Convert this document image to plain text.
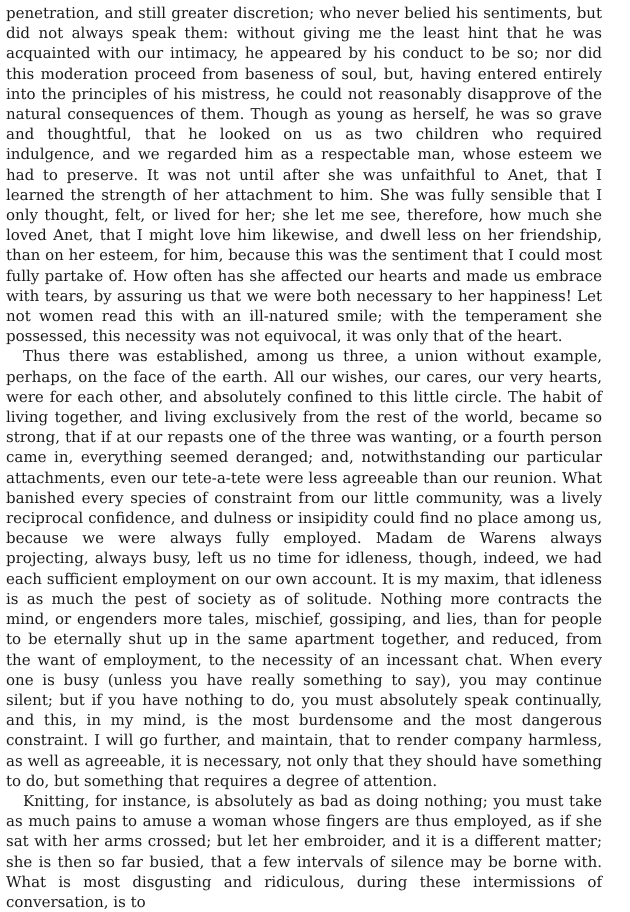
penetration, and still greater discretion; who never belied his sentiments, but did not always speak them: without giving me the least hint that he was acquainted with our intimacy, he appeared by his conduct to be so; nor did this moderation proceed from baseness of soul, but, having entered entirely into the principles of his mistress, he could not reasonably disapprove of the natural consequences of them. Though as young as herself, he was so grave and thoughtful, that he looked on us as two children who required indulgence, and we regarded him as a respectable man, whose esteem we had to preserve. It was not until after she was unfaithful to Anet, that I learned the strength of her attachment to him. She was fully sensible that I only thought, felt, or lived for her; she let me see, therefore, how much she loved Anet, that I might love him likewise, and dwell less on her friendship, than on her esteem, for him, because this was the sentiment that I could most fully partake of. How often has she affected our hearts and made us embrace with tears, by assuring us that we were both necessary to her happiness! Let not women read this with an ill-natured smile; with the temperament she possessed, this necessity was not equivocal, it was only that of the heart.

Thus there was established, among us three, a union without example, perhaps, on the face of the earth. All our wishes, our cares, our very hearts, were for each other, and absolutely confined to this little circle. The habit of living together, and living exclusively from the rest of the world, became so strong, that if at our repasts one of the three was wanting, or a fourth person came in, everything seemed deranged; and, notwithstanding our particular attachments, even our tete-a-tete were less agreeable than our reunion. What banished every species of constraint from our little community, was a lively reciprocal confidence, and dulness or insipidity could find no place among us, because we were always fully employed. Madam de Warens always projecting, always busy, left us no time for idleness, though, indeed, we had each sufficient employment on our own account. It is my maxim, that idleness is as much the pest of society as of solitude. Nothing more contracts the mind, or engenders more tales, mischief, gossiping, and lies, than for people to be eternally shut up in the same apartment together, and reduced, from the want of employment, to the necessity of an incessant chat. When every one is busy (unless you have really something to say), you may continue silent; but if you have nothing to do, you must absolutely speak continually, and this, in my mind, is the most burdensome and the most dangerous constraint. I will go further, and maintain, that to render company harmless, as well as agreeable, it is necessary, not only that they should have something to do, but something that requires a degree of attention.

Knitting, for instance, is absolutely as bad as doing nothing; you must take as much pains to amuse a woman whose fingers are thus employed, as if she sat with her arms crossed; but let her embroider, and it is a different matter; she is then so far busied, that a few intervals of silence may be borne with. What is most disgusting and ridiculous, during these intermissions of conversation, is to
